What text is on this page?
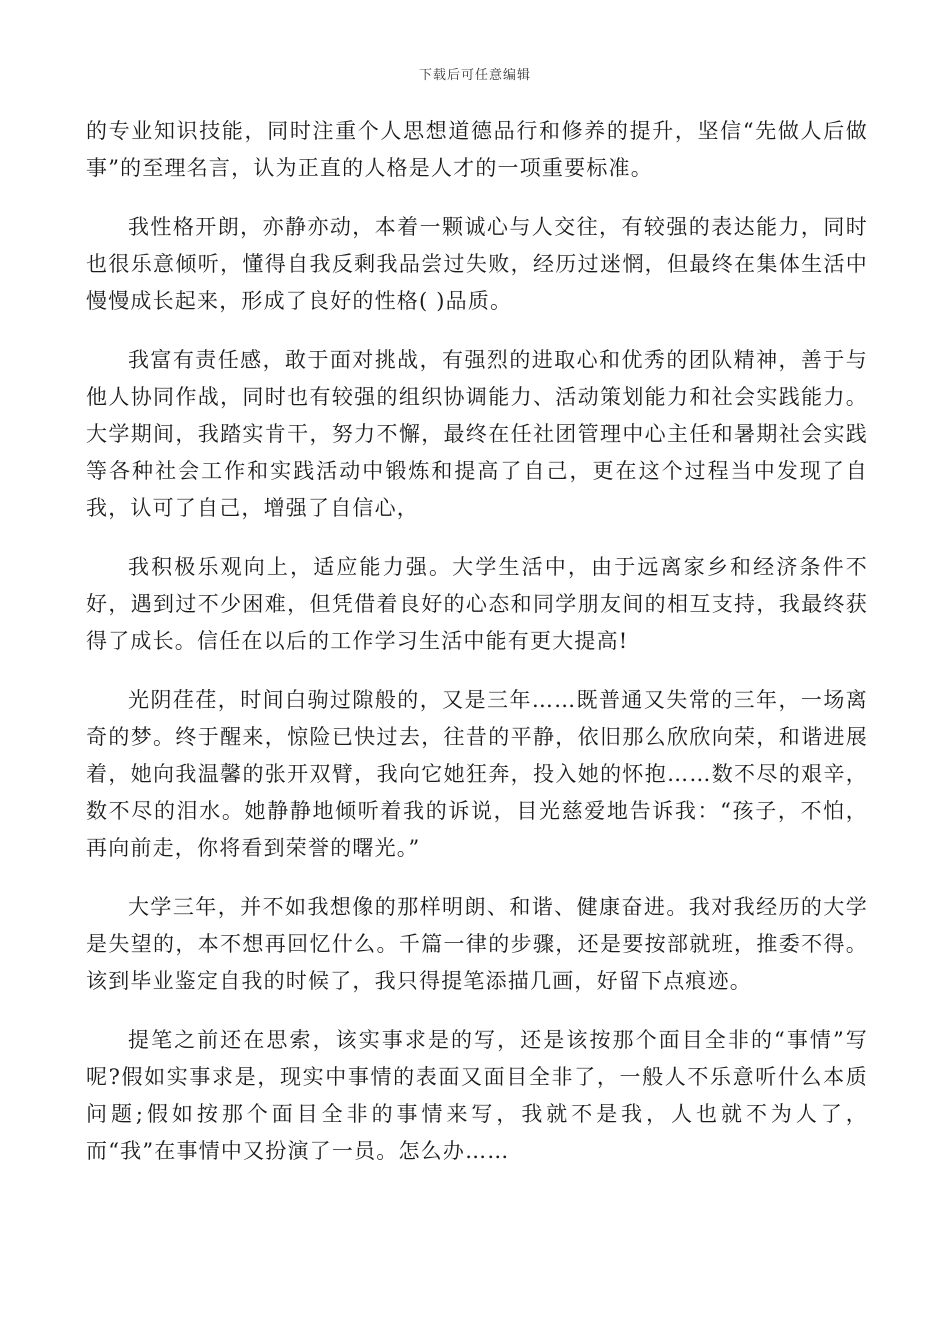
下载后可任意编辑

的专业知识技能，同时注重个人思想道德品行和修养的提升，坚信“先做人后做事”的至理名言，认为正直的人格是人才的一项重要标准。

我性格开朗，亦静亦动，本着一颗诚心与人交往，有较强的表达能力，同时也很乐意倾听，懂得自我反剩我品尝过失败，经历过迷惘，但最终在集体生活中慢慢成长起来，形成了良好的性格( )品质。

我富有责任感，敢于面对挑战，有强烈的进取心和优秀的团队精神，善于与他人协同作战，同时也有较强的组织协调能力、活动策划能力和社会实践能力。大学期间，我踏实肯干，努力不懈，最终在任社团管理中心主任和暑期社会实践等各种社会工作和实践活动中锻炼和提高了自己，更在这个过程当中发现了自我，认可了自己，增强了自信心，

我积极乐观向上，适应能力强。大学生活中，由于远离家乡和经济条件不好，遇到过不少困难，但凭借着良好的心态和同学朋友间的相互支持，我最终获得了成长。信任在以后的工作学习生活中能有更大提高!

光阴荏荏，时间白驹过隙般的，又是三年……既普通又失常的三年，一场离奇的梦。终于醒来，惊险已快过去，往昔的平静，依旧那么欣欣向荣，和谐进展着，她向我温馨的张开双臂，我向它她狂奔，投入她的怀抱……数不尽的艰辛，数不尽的泪水。她静静地倾听着我的诉说，目光慈爱地告诉我：“孩子，不怕，再向前走，你将看到荣誉的曙光。”

大学三年，并不如我想像的那样明朗、和谐、健康奋进。我对我经历的大学是失望的，本不想再回忆什么。千篇一律的步骤，还是要按部就班，推委不得。该到毕业鉴定自我的时候了，我只得提笔添描几画，好留下点痕迹。

提笔之前还在思索，该实事求是的写，还是该按那个面目全非的“事情”写呢?假如实事求是，现实中事情的表面又面目全非了，一般人不乐意听什么本质问题;假如按那个面目全非的事情来写，我就不是我，人也就不为人了，而“我”在事情中又扮演了一员。怎么办……
